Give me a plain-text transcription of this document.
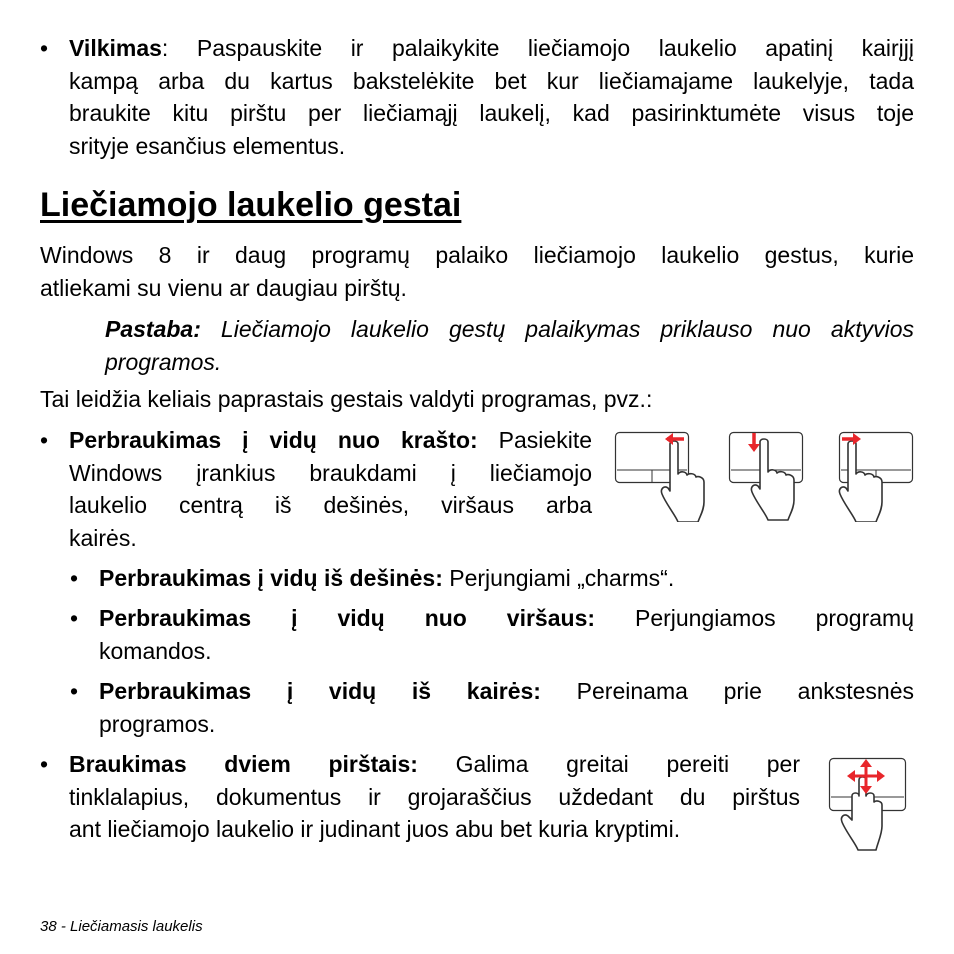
• Vilkimas: Paspauskite ir palaikykite liečiamojo laukelio apatinį kairįjį
kampą arba du kartus bakstelėkite bet kur liečiamajame laukelyje, tada
braukite kitu pirštu per liečiamąjį laukelį, kad pasirinktumėte visus toje
srityje esančius elementus.
Liečiamojo laukelio gestai
Windows 8 ir daug programų palaiko liečiamojo laukelio gestus, kurie
atliekami su vienu ar daugiau pirštų.
Pastaba: Liečiamojo laukelio gestų palaikymas priklauso nuo aktyvios
programos.
Tai leidžia keliais paprastais gestais valdyti programas, pvz.:
• Perbraukimas į vidų nuo krašto: Pasiekite
Windows įrankius braukdami į liečiamojo
laukelio centrą iš dešinės, viršaus arba
kairės.
• Perbraukimas į vidų iš dešinės: Perjungiami „charms“.
• Perbraukimas į vidų nuo viršaus: Perjungiamos programų
komandos.
• Perbraukimas į vidų iš kairės: Pereinama prie ankstesnės
programos.
• Braukimas dviem pirštais: Galima greitai pereiti per
tinklalapius, dokumentus ir grojaraščius uždedant du pirštus
ant liečiamojo laukelio ir judinant juos abu bet kuria kryptimi.
38 - Liečiamasis laukelis
